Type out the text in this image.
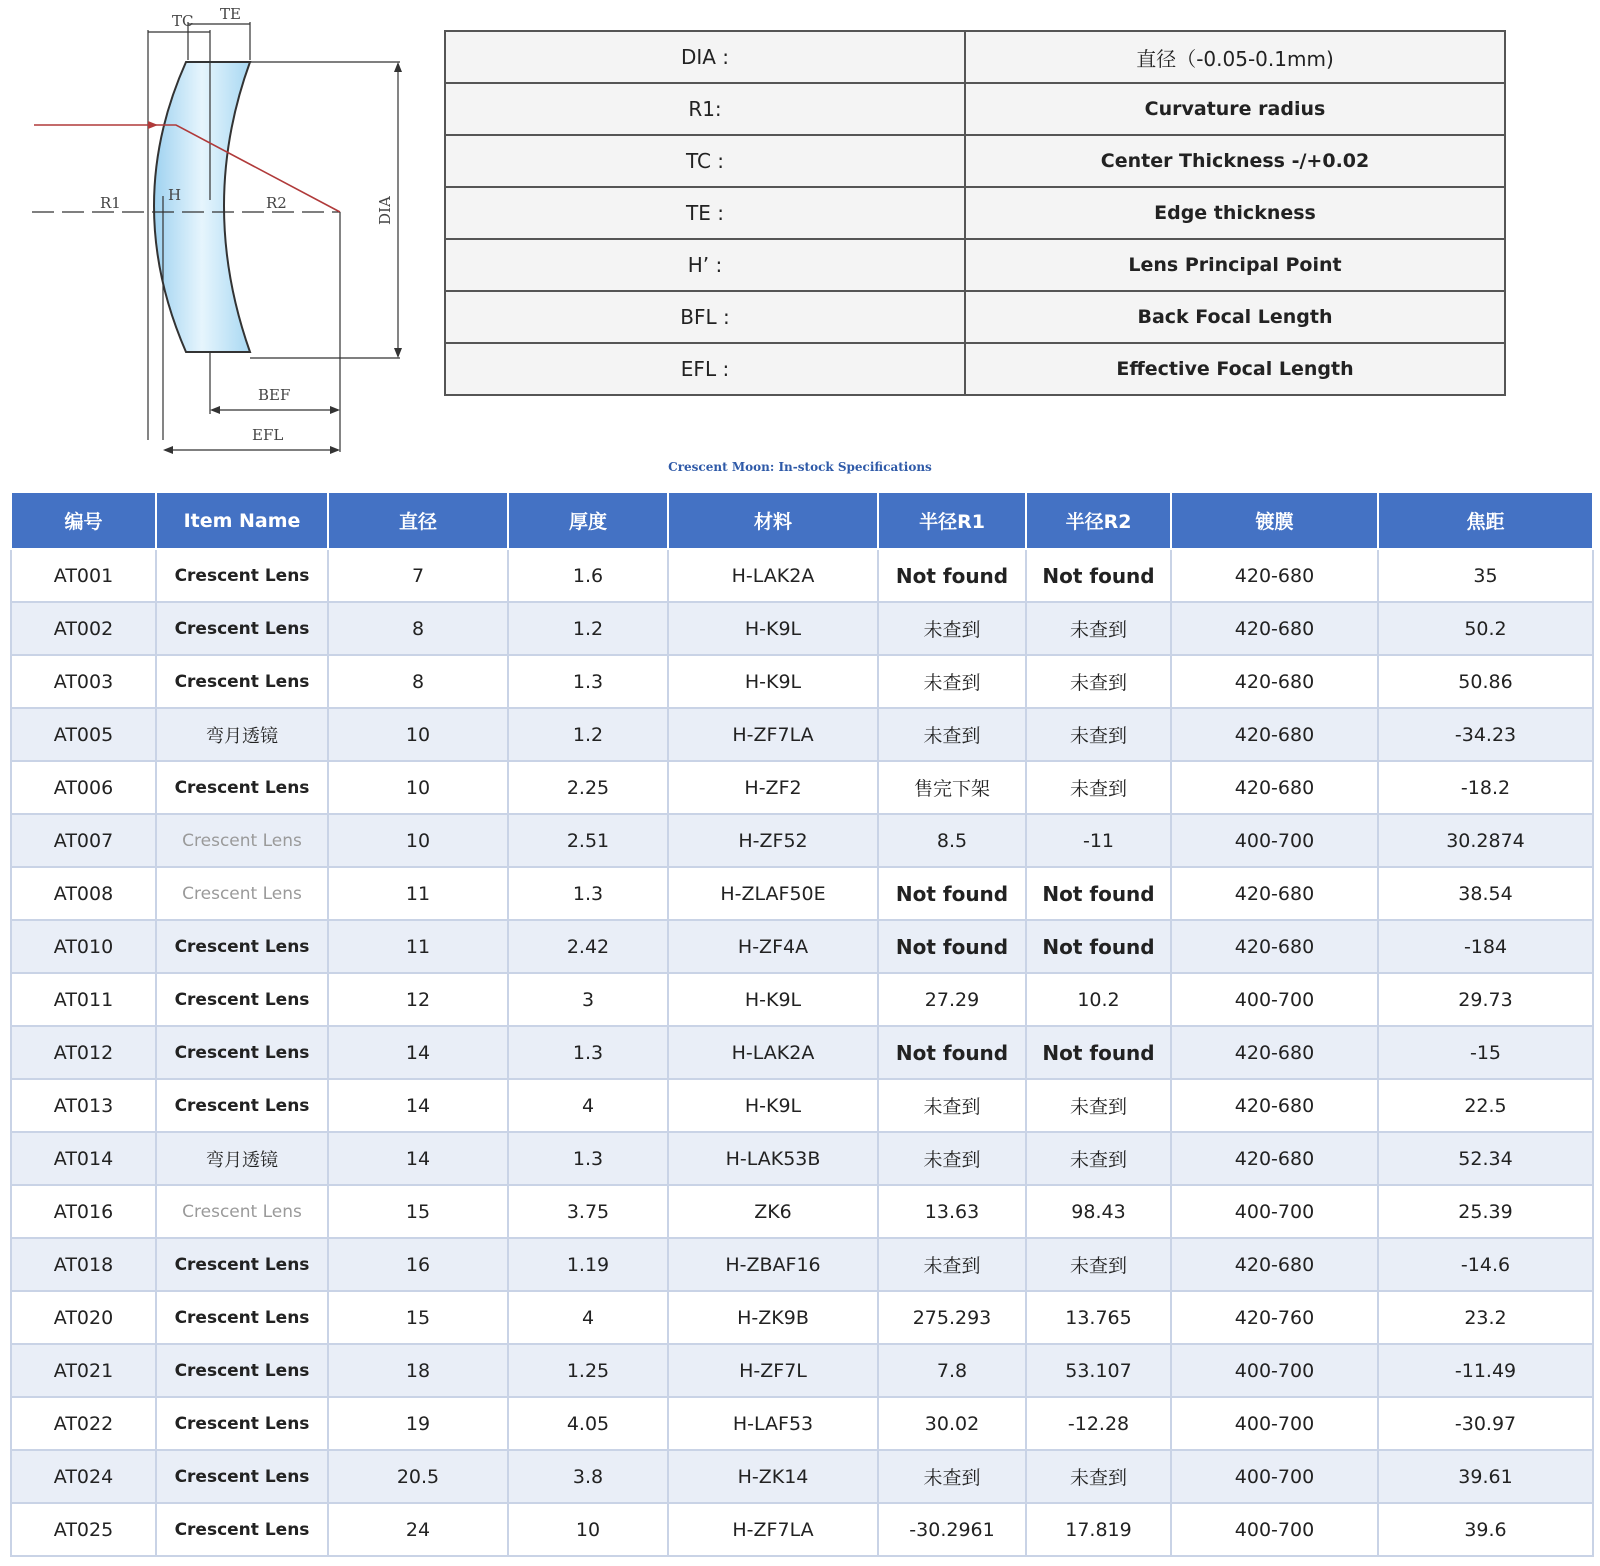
TC TE
DIA
R1	H	R2
BEF
EFL
DIA :	直径（-0.05-0.1mm)
R1:	Curvature radius
TC :	Center Thickness -/+0.02
TE :	Edge thickness
H’ :	Lens Principal Point
BFL :	Back Focal Length
EFL :	Effective Focal Length
Crescent Moon: In-stock Specifications
编号	Item Name	直径	厚度	材料	半径R1	半径R2	镀膜	焦距
AT001	Crescent Lens	7	1.6	H-LAK2A	Not found	Not found	420-680	35
AT002	Crescent Lens	8	1.2	H-K9L	未查到	未查到	420-680	50.2
AT003	Crescent Lens	8	1.3	H-K9L	未查到	未查到	420-680	50.86
AT005	弯月透镜	10	1.2	H-ZF7LA	未查到	未查到	420-680	-34.23
AT006	Crescent Lens	10	2.25	H-ZF2	售完下架	未查到	420-680	-18.2
AT007	Crescent Lens	10	2.51	H-ZF52	8.5	-11	400-700	30.2874
AT008	Crescent Lens	11	1.3	H-ZLAF50E	Not found	Not found	420-680	38.54
AT010	Crescent Lens	11	2.42	H-ZF4A	Not found	Not found	420-680	-184
AT011	Crescent Lens	12	3	H-K9L	27.29	10.2	400-700	29.73
AT012	Crescent Lens	14	1.3	H-LAK2A	Not found	Not found	420-680	-15
AT013	Crescent Lens	14	4	H-K9L	未查到	未查到	420-680	22.5
AT014	弯月透镜	14	1.3	H-LAK53B	未查到	未查到	420-680	52.34
AT016	Crescent Lens	15	3.75	ZK6	13.63	98.43	400-700	25.39
AT018	Crescent Lens	16	1.19	H-ZBAF16	未查到	未查到	420-680	-14.6
AT020	Crescent Lens	15	4	H-ZK9B	275.293	13.765	420-760	23.2
AT021	Crescent Lens	18	1.25	H-ZF7L	7.8	53.107	400-700	-11.49
AT022	Crescent Lens	19	4.05	H-LAF53	30.02	-12.28	400-700	-30.97
AT024	Crescent Lens	20.5	3.8	H-ZK14	未查到	未查到	400-700	39.61
AT025	Crescent Lens	24	10	H-ZF7LA	-30.2961	17.819	400-700	39.6
